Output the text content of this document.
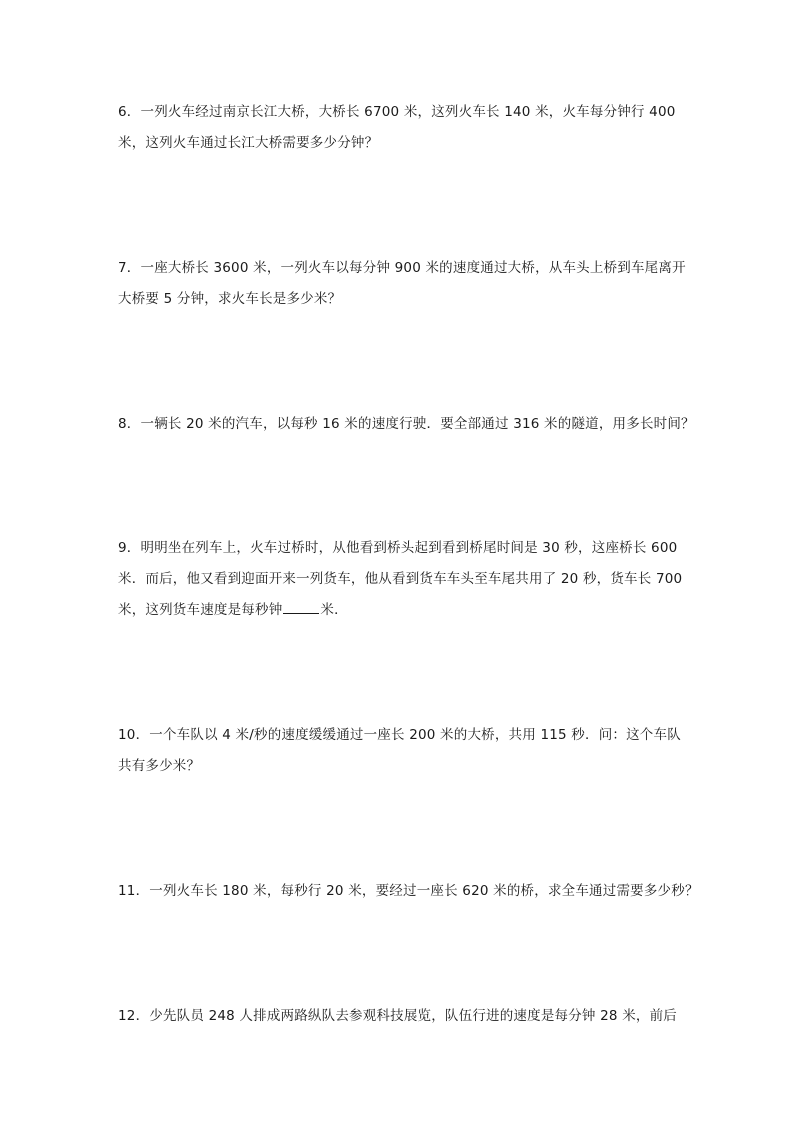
6．一列火车经过南京长江大桥，大桥长 6700 米，这列火车长 140 米，火车每分钟行 400
米，这列火车通过长江大桥需要多少分钟？
7．一座大桥长 3600 米，一列火车以每分钟 900 米的速度通过大桥，从车头上桥到车尾离开
大桥要 5 分钟，求火车长是多少米？
8．一辆长 20 米的汽车，以每秒 16 米的速度行驶．要全部通过 316 米的隧道，用多长时间？
9．明明坐在列车上，火车过桥时，从他看到桥头起到看到桥尾时间是 30 秒，这座桥长 600
米．而后，他又看到迎面开来一列货车，他从看到货车车头至车尾共用了 20 秒，货车长 700
米，这列货车速度是每秒钟	米．
10．一个车队以 4 米/秒的速度缓缓通过一座长 200 米的大桥，共用 115 秒．问：这个车队
共有多少米？
11．一列火车长 180 米，每秒行 20 米，要经过一座长 620 米的桥，求全车通过需要多少秒？
12．少先队员 248 人排成两路纵队去参观科技展览，队伍行进的速度是每分钟 28 米，前后
